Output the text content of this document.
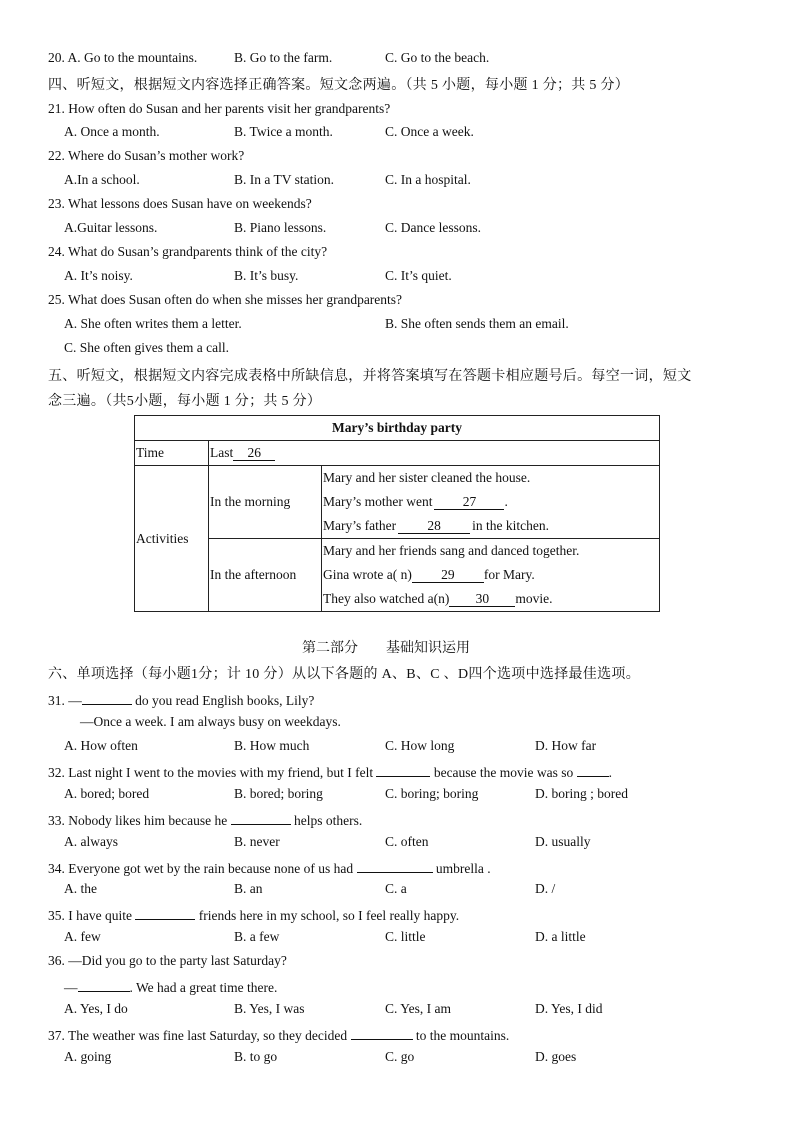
20. A. Go to the mountains.	B. Go to the farm.	C. Go to the beach.
四、听短文，根据短文内容选择正确答案。短文念两遍。（共 5 小题，每小题 1 分；共 5 分）
21. How often do Susan and her parents visit her grandparents?
A. Once a month.	B. Twice a month.	C. Once a week.
22. Where do Susan’s mother work?
A.In a school.	B. In a TV station.	C. In a hospital.
23. What lessons does Susan have on weekends?
A.Guitar lessons.	B. Piano lessons.	C. Dance lessons.
24. What do Susan’s grandparents think of the city?
A. It’s noisy.	B. It’s busy.	C. It’s quiet.
25. What does Susan often do when she misses her grandparents?
A. She often writes them a letter.	B. She often sends them an email.
C. She often gives them a call.
五、听短文，根据短文内容完成表格中所缺信息，并将答案填写在答题卡相应题号后。每空一词，短文
念三遍。（共5小题，每小题 1 分；共 5 分）
Mary’s birthday party		
Time	Last 26	
Activities	In the morning	Mary and her sister cleaned the house.
Mary’s mother went 27 .
Mary’s father 28 in the kitchen.

	In the afternoon	Mary and her friends sang and danced together.
Gina wrote a( n) 29 for Mary.
They also watched a(n) 30 movie.
第二部分　　基础知识运用
六、单项选择（每小题1分；计 10 分）从以下各题的 A、B、C 、D四个选项中选择最佳选项。
31. —	do you read English books, Lily?
—Once a week. I am always busy on weekdays.
A. How often	B. How much	C. How long	D. How far
32. Last night I went to the movies with my friend, but I felt	because the movie was so	.
A. bored; bored	B. bored; boring	C. boring; boring	D. boring ; bored
33. Nobody likes him because he	helps others.
A. always	B. never	C. often	D. usually
34. Everyone got wet by the rain because none of us had	umbrella .
A. the	B. an	C. a	D. /
35. I have quite	friends here in my school, so I feel really happy.
A. few	B. a few	C. little	D. a little
36. —Did you go to the party last Saturday?
—	. We had a great time there.
A. Yes, I do	B. Yes, I was	C. Yes, I am	D. Yes, I did
37. The weather was fine last Saturday, so they decided	to the mountains.
A. going	B. to go	C. go	D. goes
